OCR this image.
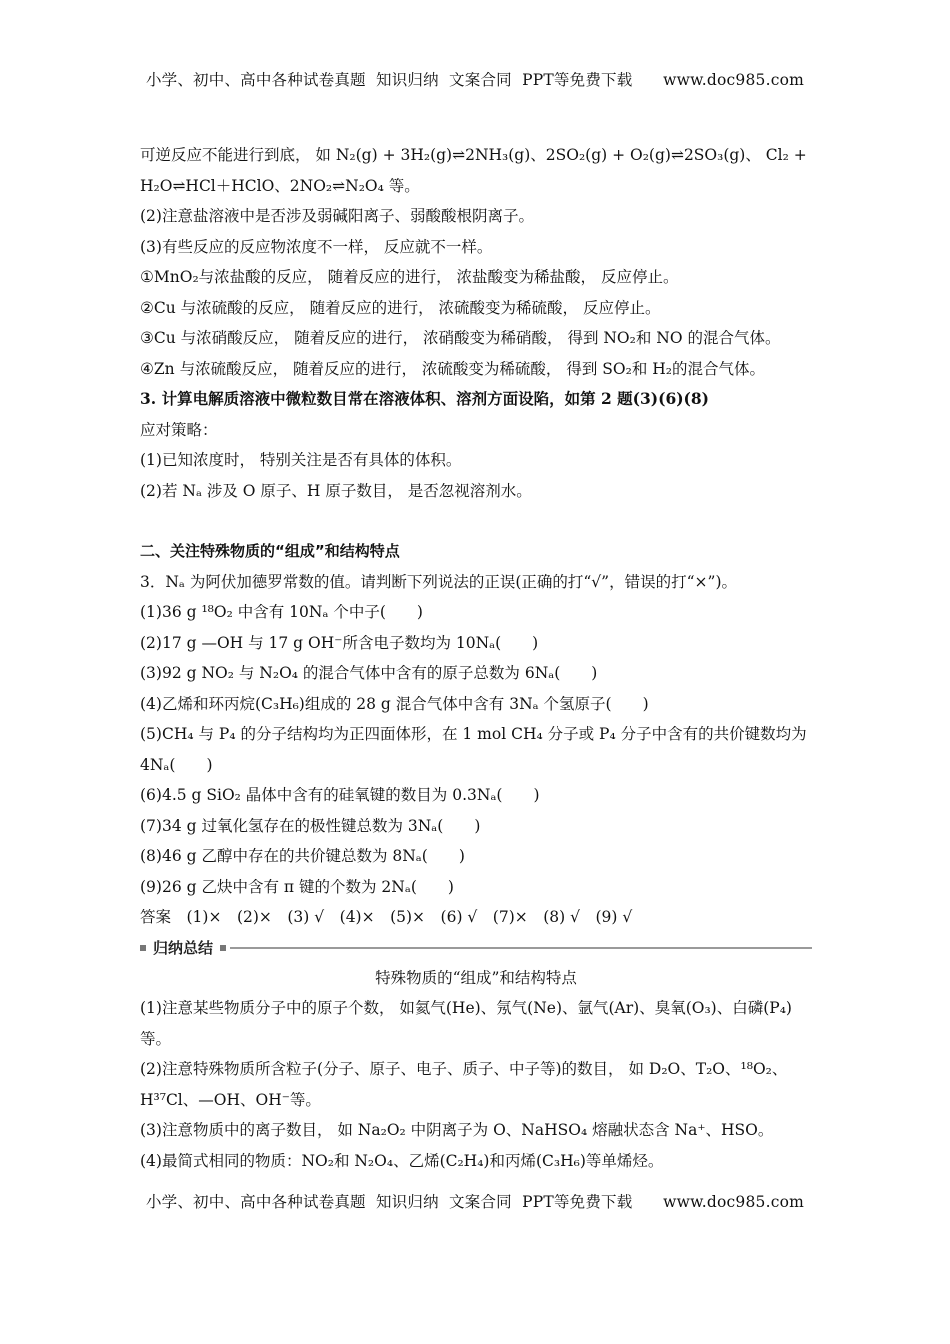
小学、初中、高中各种试卷真题  知识归纳  文案合同  PPT等免费下载      www.doc985.com
可逆反应不能进行到底， 如 N₂(g) + 3H₂(g)⇌2NH₃(g)、2SO₂(g) + O₂(g)⇌2SO₃(g)、 Cl₂ +
H₂O⇌HCl＋HClO、2NO₂⇌N₂O₄ 等。
(2)注意盐溶液中是否涉及弱碱阳离子、弱酸酸根阴离子。
(3)有些反应的反应物浓度不一样， 反应就不一样。
①MnO₂与浓盐酸的反应， 随着反应的进行， 浓盐酸变为稀盐酸， 反应停止。
②Cu 与浓硫酸的反应， 随着反应的进行， 浓硫酸变为稀硫酸， 反应停止。
③Cu 与浓硝酸反应， 随着反应的进行， 浓硝酸变为稀硝酸， 得到 NO₂和 NO 的混合气体。
④Zn 与浓硫酸反应， 随着反应的进行， 浓硫酸变为稀硫酸， 得到 SO₂和 H₂的混合气体。
3. 计算电解质溶液中微粒数目常在溶液体积、溶剂方面设陷，如第 2 题(3)(6)(8)
应对策略：
(1)已知浓度时， 特别关注是否有具体的体积。
(2)若 Nₐ 涉及 O 原子、H 原子数目， 是否忽视溶剂水。
二、关注特殊物质的“组成”和结构特点
3．Nₐ 为阿伏加德罗常数的值。请判断下列说法的正误(正确的打“√”，错误的打“×”)。
(1)36 g ¹⁸O₂ 中含有 10Nₐ 个中子(　　)
(2)17 g —OH 与 17 g OH⁻所含电子数均为 10Nₐ(　　)
(3)92 g NO₂ 与 N₂O₄ 的混合气体中含有的原子总数为 6Nₐ(　　)
(4)乙烯和环丙烷(C₃H₆)组成的 28 g 混合气体中含有 3Nₐ 个氢原子(　　)
(5)CH₄ 与 P₄ 的分子结构均为正四面体形，在 1 mol CH₄ 分子或 P₄ 分子中含有的共价键数均为
4Nₐ(　　)
(6)4.5 g SiO₂ 晶体中含有的硅氧键的数目为 0.3Nₐ(　　)
(7)34 g 过氧化氢存在的极性键总数为 3Nₐ(　　)
(8)46 g 乙醇中存在的共价键总数为 8Nₐ(　　)
(9)26 g 乙炔中含有 π 键的个数为 2Nₐ(　　)
答案　(1)×　(2)×　(3) √　(4)×　(5)×　(6) √　(7)×　(8) √　(9) √
归纳总结
特殊物质的“组成”和结构特点
(1)注意某些物质分子中的原子个数， 如氦气(He)、氖气(Ne)、氩气(Ar)、臭氧(O₃)、白磷(P₄)
等。
(2)注意特殊物质所含粒子(分子、原子、电子、质子、中子等)的数目， 如 D₂O、T₂O、¹⁸O₂、
H³⁷Cl、—OH、OH⁻等。
(3)注意物质中的离子数目， 如 Na₂O₂ 中阴离子为 O、NaHSO₄ 熔融状态含 Na⁺、HSO。
(4)最简式相同的物质：NO₂和 N₂O₄、乙烯(C₂H₄)和丙烯(C₃H₆)等单烯烃。
小学、初中、高中各种试卷真题  知识归纳  文案合同  PPT等免费下载      www.doc985.com
